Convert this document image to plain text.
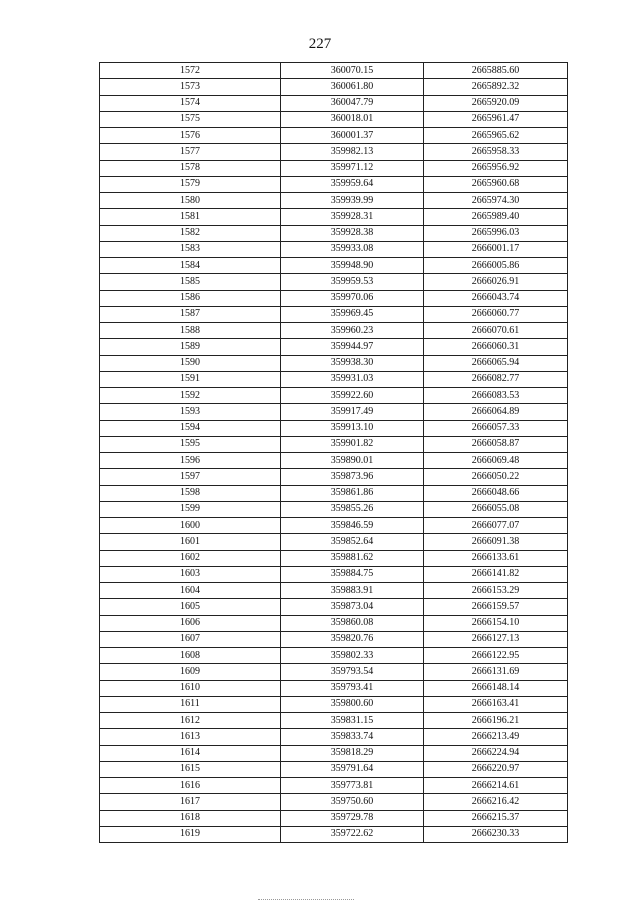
227
1572	360070.15	2665885.60
1573	360061.80	2665892.32
1574	360047.79	2665920.09
1575	360018.01	2665961.47
1576	360001.37	2665965.62
1577	359982.13	2665958.33
1578	359971.12	2665956.92
1579	359959.64	2665960.68
1580	359939.99	2665974.30
1581	359928.31	2665989.40
1582	359928.38	2665996.03
1583	359933.08	2666001.17
1584	359948.90	2666005.86
1585	359959.53	2666026.91
1586	359970.06	2666043.74
1587	359969.45	2666060.77
1588	359960.23	2666070.61
1589	359944.97	2666060.31
1590	359938.30	2666065.94
1591	359931.03	2666082.77
1592	359922.60	2666083.53
1593	359917.49	2666064.89
1594	359913.10	2666057.33
1595	359901.82	2666058.87
1596	359890.01	2666069.48
1597	359873.96	2666050.22
1598	359861.86	2666048.66
1599	359855.26	2666055.08
1600	359846.59	2666077.07
1601	359852.64	2666091.38
1602	359881.62	2666133.61
1603	359884.75	2666141.82
1604	359883.91	2666153.29
1605	359873.04	2666159.57
1606	359860.08	2666154.10
1607	359820.76	2666127.13
1608	359802.33	2666122.95
1609	359793.54	2666131.69
1610	359793.41	2666148.14
1611	359800.60	2666163.41
1612	359831.15	2666196.21
1613	359833.74	2666213.49
1614	359818.29	2666224.94
1615	359791.64	2666220.97
1616	359773.81	2666214.61
1617	359750.60	2666216.42
1618	359729.78	2666215.37
1619	359722.62	2666230.33
